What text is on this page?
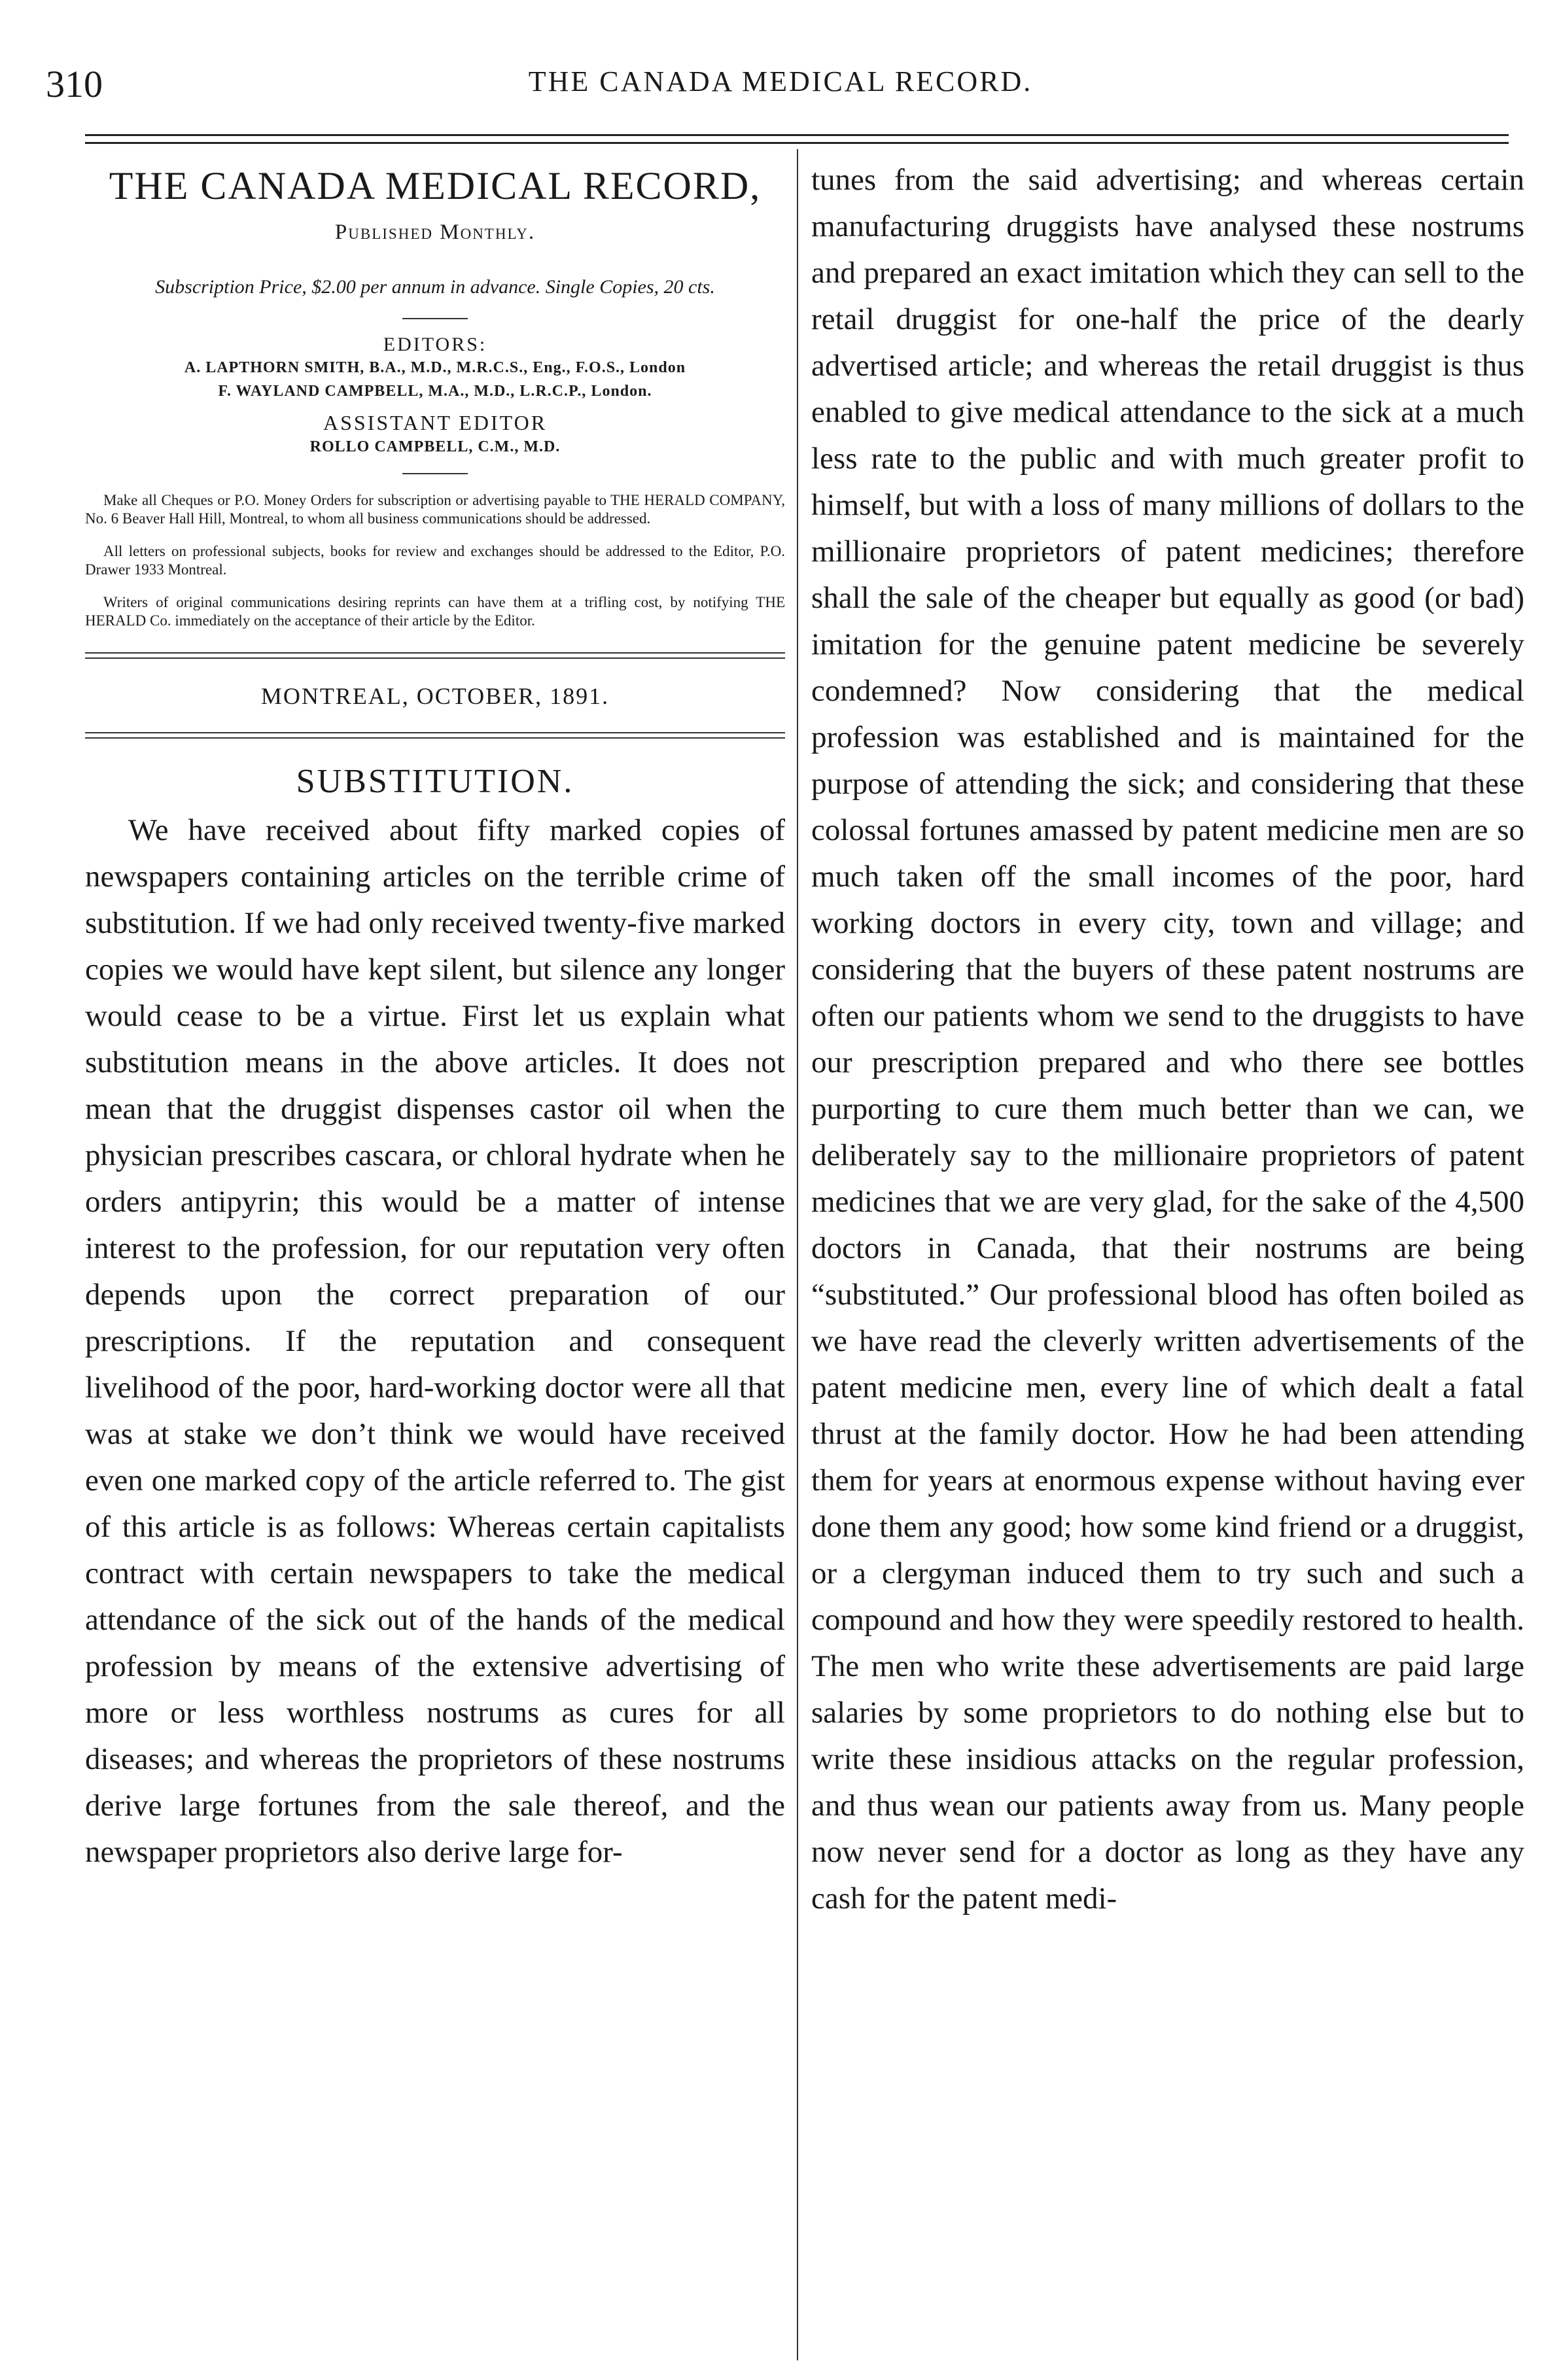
310	THE CANADA MEDICAL RECORD.
THE CANADA MEDICAL RECORD,
Published Monthly.
Subscription Price, $2.00 per annum in advance. Single Copies, 20 cts.
EDITORS:
A. LAPTHORN SMITH, B.A., M.D., M.R.C.S., Eng., F.O.S., London
F. WAYLAND CAMPBELL, M.A., M.D., L.R.C.P., London.
ASSISTANT EDITOR
ROLLO CAMPBELL, C.M., M.D.

Make all Cheques or P.O. Money Orders for subscription or advertising payable to THE HERALD COMPANY, No. 6 Beaver Hall Hill, Montreal, to whom all business communications should be addressed.

All letters on professional subjects, books for review and exchanges should be addressed to the Editor, P.O. Drawer 1933 Montreal.

Writers of original communications desiring reprints can have them at a trifling cost, by notifying THE HERALD Co. immediately on the acceptance of their article by the Editor.

MONTREAL, OCTOBER, 1891.
SUBSTITUTION.

We have received about fifty marked copies of newspapers containing articles on the terrible crime of substitution. If we had only received twenty-five marked copies we would have kept silent, but silence any longer would cease to be a virtue. First let us explain what substitution means in the above articles. It does not mean that the druggist dispenses castor oil when the physician prescribes cascara, or chloral hydrate when he orders antipyrin; this would be a matter of intense interest to the profession, for our reputation very often depends upon the correct preparation of our prescriptions. If the reputation and consequent livelihood of the poor, hard-working doctor were all that was at stake we don’t think we would have received even one marked copy of the article referred to. The gist of this article is as follows: Whereas certain capitalists contract with certain newspapers to take the medical attendance of the sick out of the hands of the medical profession by means of the extensive advertising of more or less worthless nostrums as cures for all diseases; and whereas the proprietors of these nostrums derive large fortunes from the sale thereof, and the newspaper proprietors also derive large for-

tunes from the said advertising; and whereas certain manufacturing druggists have analysed these nostrums and prepared an exact imitation which they can sell to the retail druggist for one-half the price of the dearly advertised article; and whereas the retail druggist is thus enabled to give medical attendance to the sick at a much less rate to the public and with much greater profit to himself, but with a loss of many millions of dollars to the millionaire proprietors of patent medicines; therefore shall the sale of the cheaper but equally as good (or bad) imitation for the genuine patent medicine be severely condemned? Now considering that the medical profession was established and is maintained for the purpose of attending the sick; and considering that these colossal fortunes amassed by patent medicine men are so much taken off the small incomes of the poor, hard working doctors in every city, town and village; and considering that the buyers of these patent nostrums are often our patients whom we send to the druggists to have our prescription prepared and who there see bottles purporting to cure them much better than we can, we deliberately say to the millionaire proprietors of patent medicines that we are very glad, for the sake of the 4,500 doctors in Canada, that their nostrums are being “substituted.” Our professional blood has often boiled as we have read the cleverly written advertisements of the patent medicine men, every line of which dealt a fatal thrust at the family doctor. How he had been attending them for years at enormous expense without having ever done them any good; how some kind friend or a druggist, or a clergyman induced them to try such and such a compound and how they were speedily restored to health. The men who write these advertisements are paid large salaries by some proprietors to do nothing else but to write these insidious attacks on the regular profession, and thus wean our patients away from us. Many people now never send for a doctor as long as they have any cash for the patent medi-
